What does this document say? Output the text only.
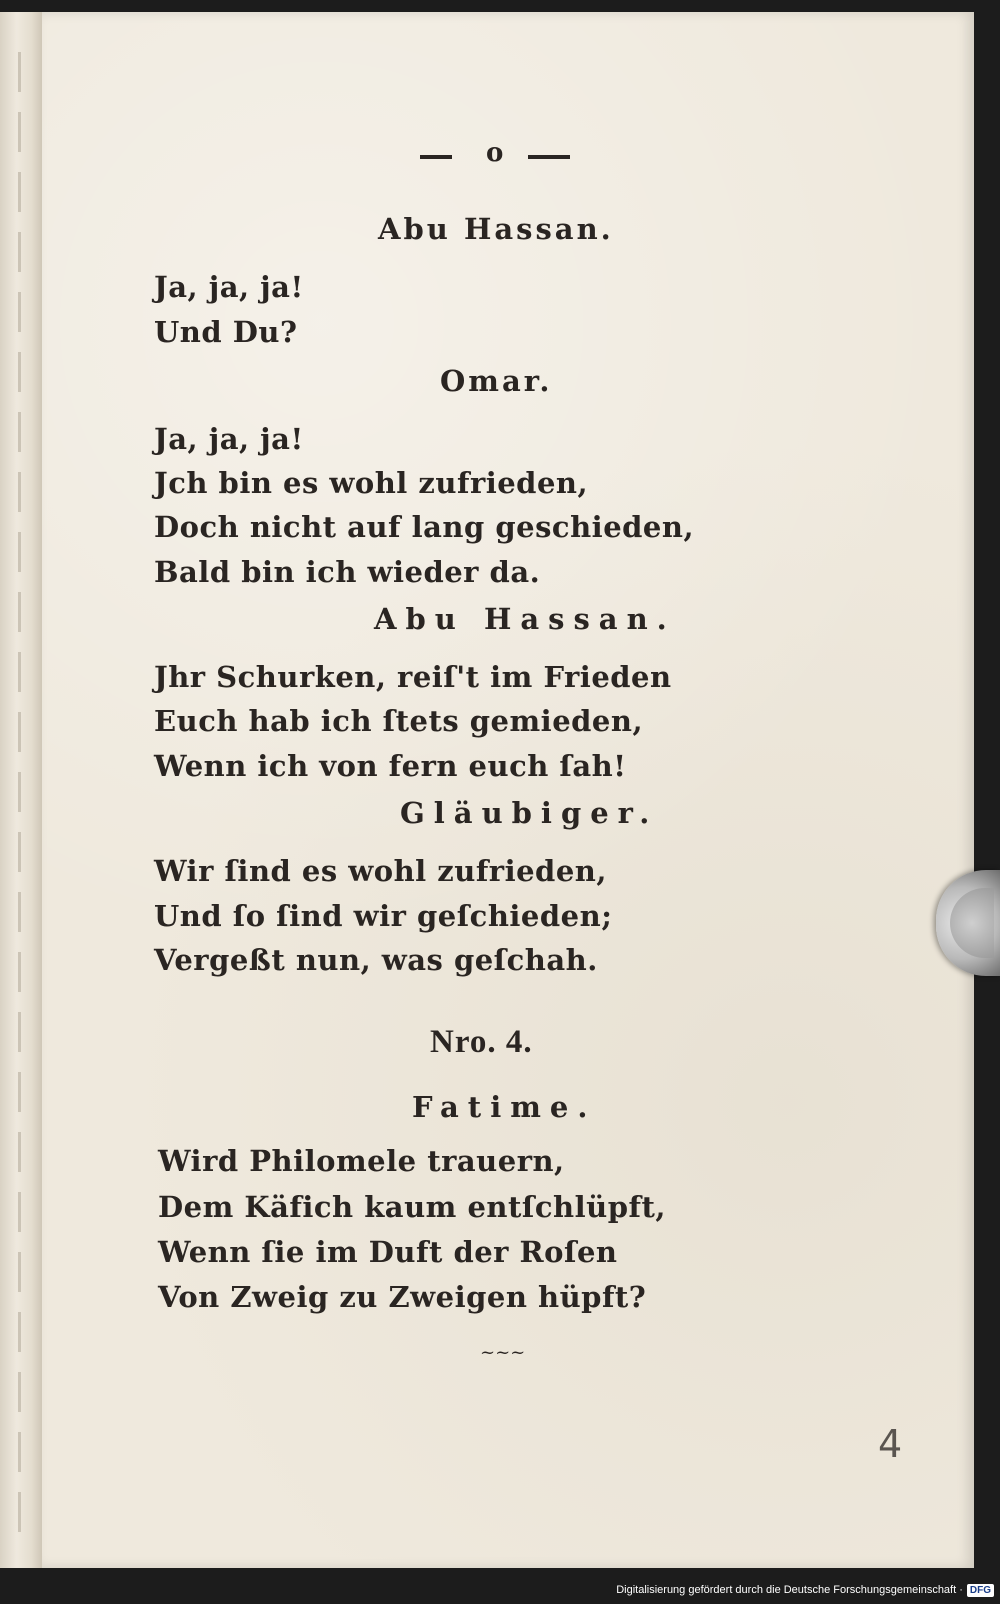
o
Abu Hassan.
Ja, ja, ja!
Und Du?
Omar.
Ja, ja, ja!
Jch bin es wohl zufrieden,
Doch nicht auf lang geschieden,
Bald bin ich wieder da.
Abu Hassan.
Jhr Schurken, reiſ't im Frieden
Euch hab ich ſtets gemieden,
Wenn ich von fern euch ſah!
Gläubiger.
Wir ſind es wohl zufrieden,
Und ſo ſind wir geſchieden;
Vergeßt nun, was geſchah.
Nro. 4.
Fatime.
Wird Philomele trauern,
Dem Käfich kaum entſchlüpft,
Wenn ſie im Duft der Roſen
Von Zweig zu Zweigen hüpft?
~~~
4
Digitalisierung gefördert durch die Deutsche Forschungsgemeinschaft · DFG
